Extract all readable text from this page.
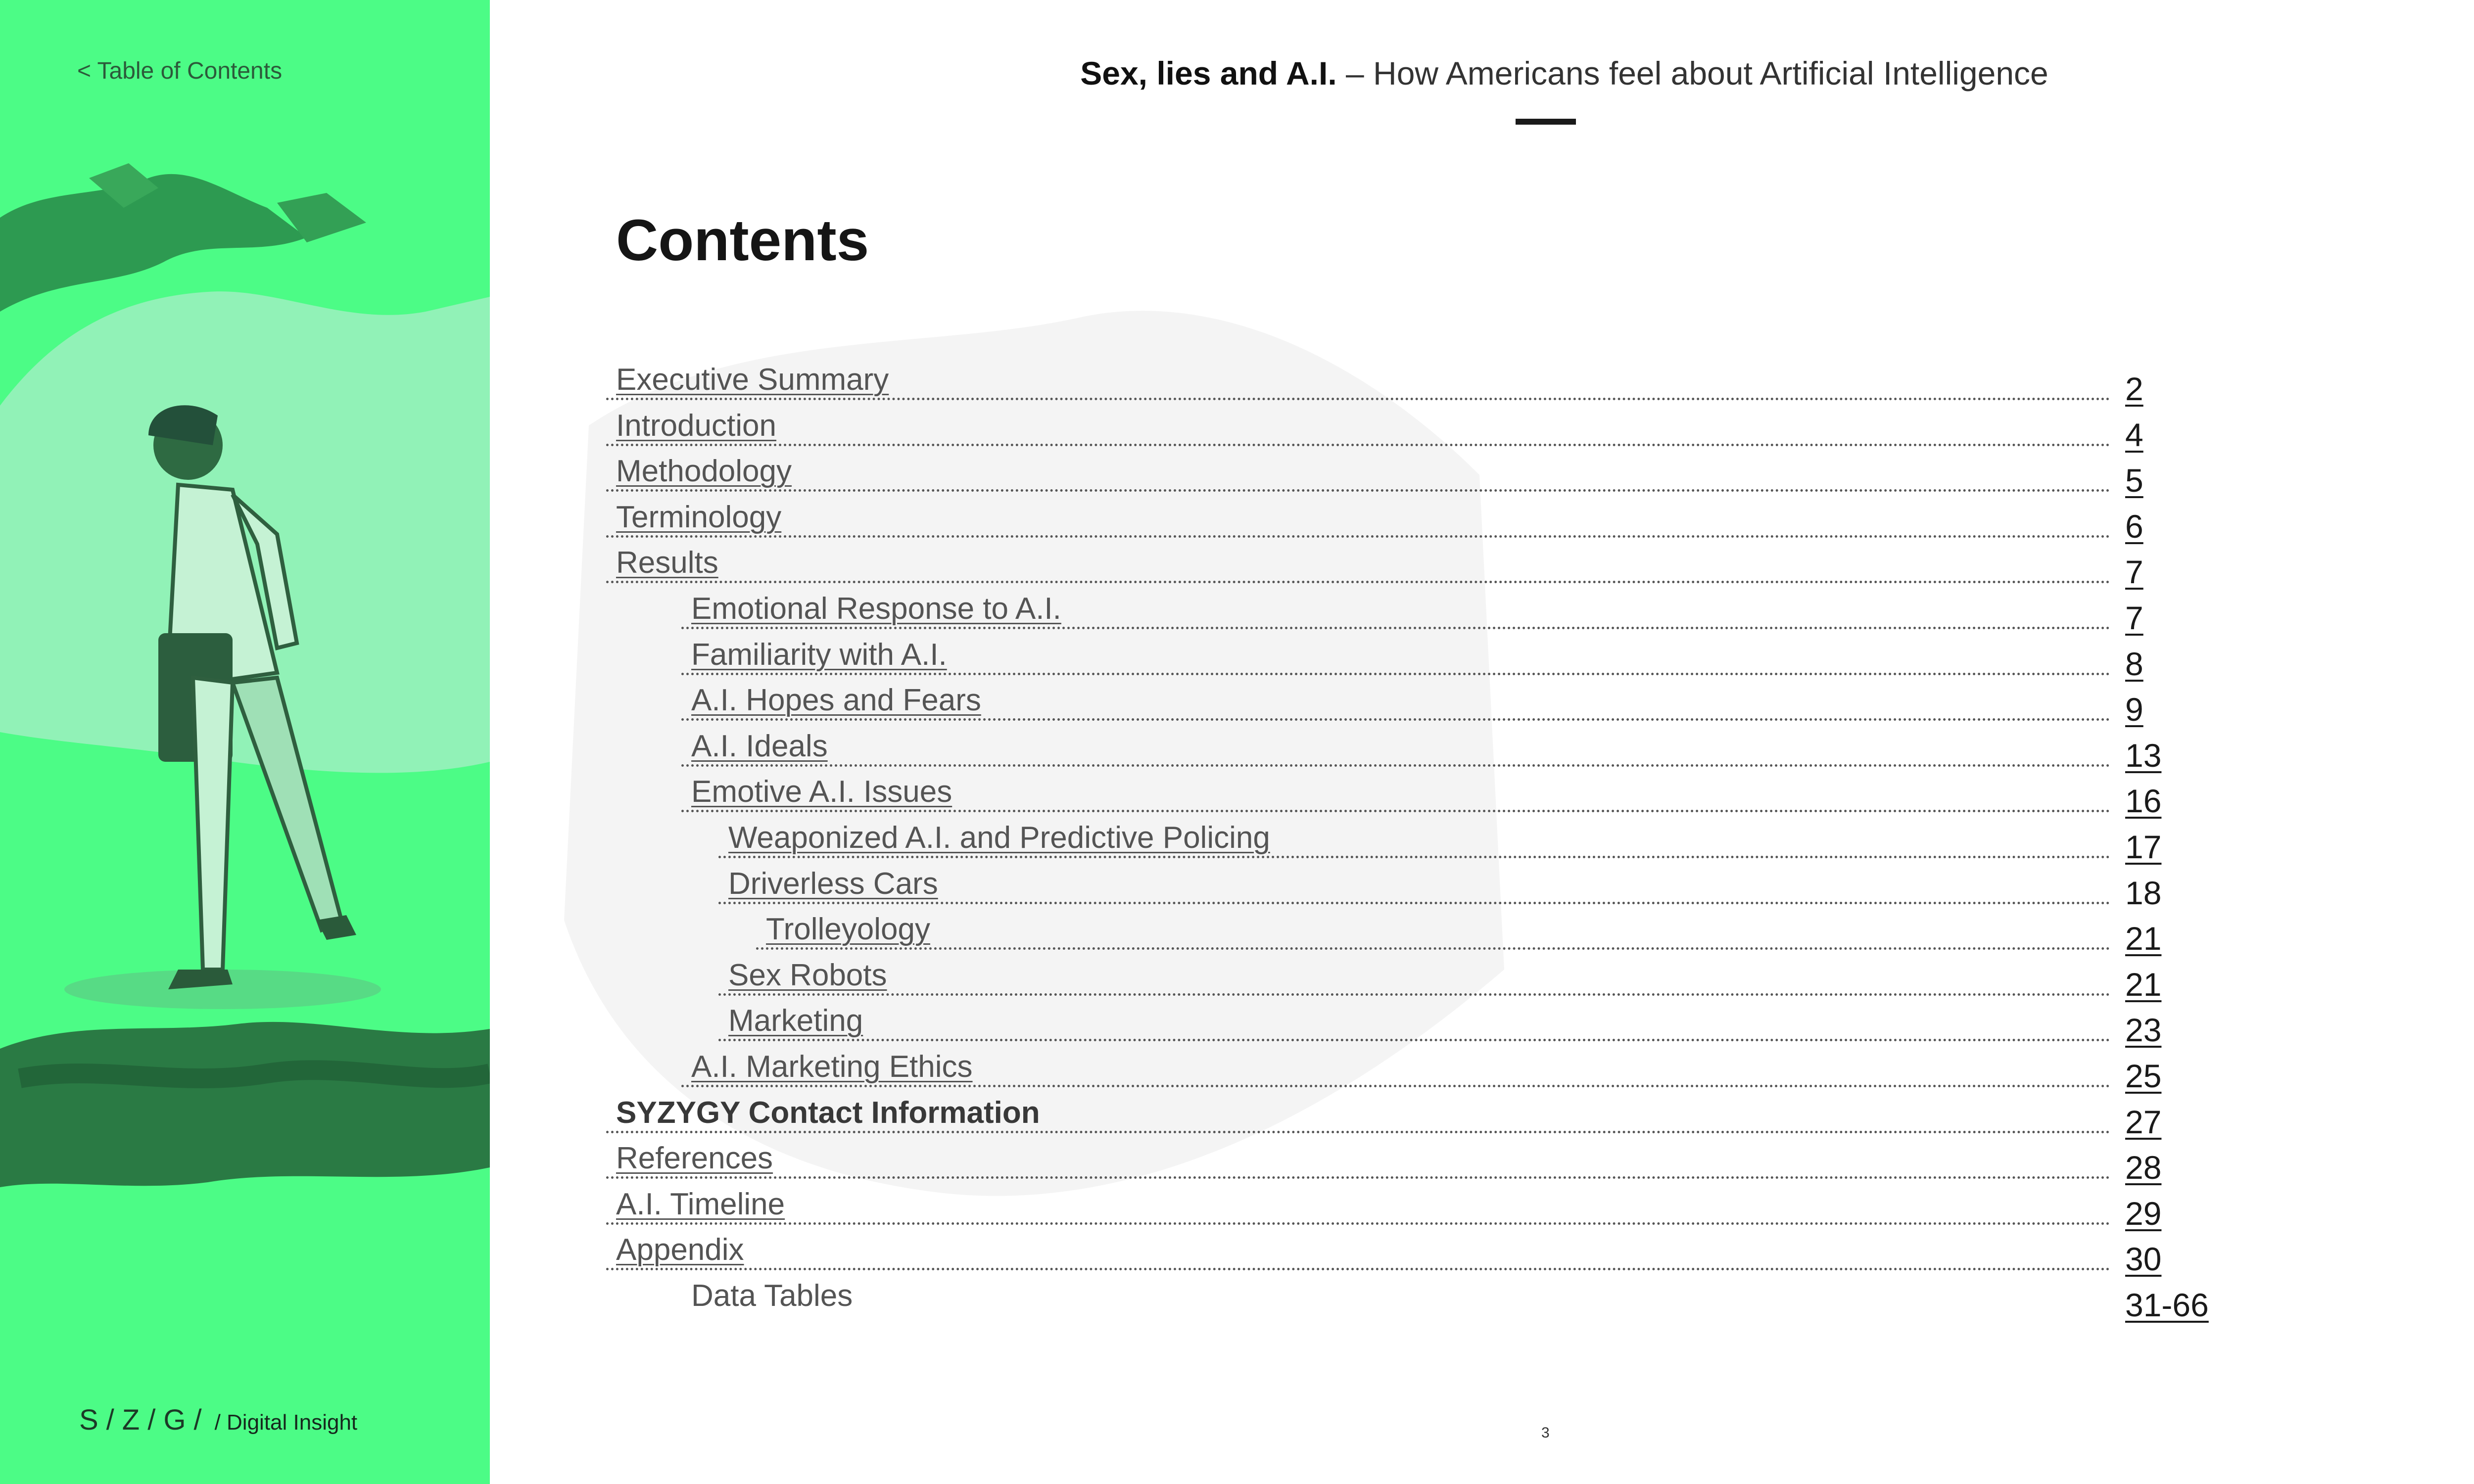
< Table of Contents
S/Z/G/ / Digital Insight
Sex, lies and A.I. – How Americans feel about Artificial Intelligence
Contents
Executive Summary	2
Introduction	4
Methodology	5
Terminology	6
Results	7
Emotional Response to A.I.	7
Familiarity with A.I.	8
A.I. Hopes and Fears	9
A.I. Ideals	13
Emotive A.I. Issues	16
Weaponized A.I. and Predictive Policing	17
Driverless Cars	18
Trolleyology	21
Sex Robots	21
Marketing	23
A.I. Marketing Ethics	25
SYZYGY Contact Information	27
References	28
A.I. Timeline	29
Appendix	30
Data Tables	31-66
3
